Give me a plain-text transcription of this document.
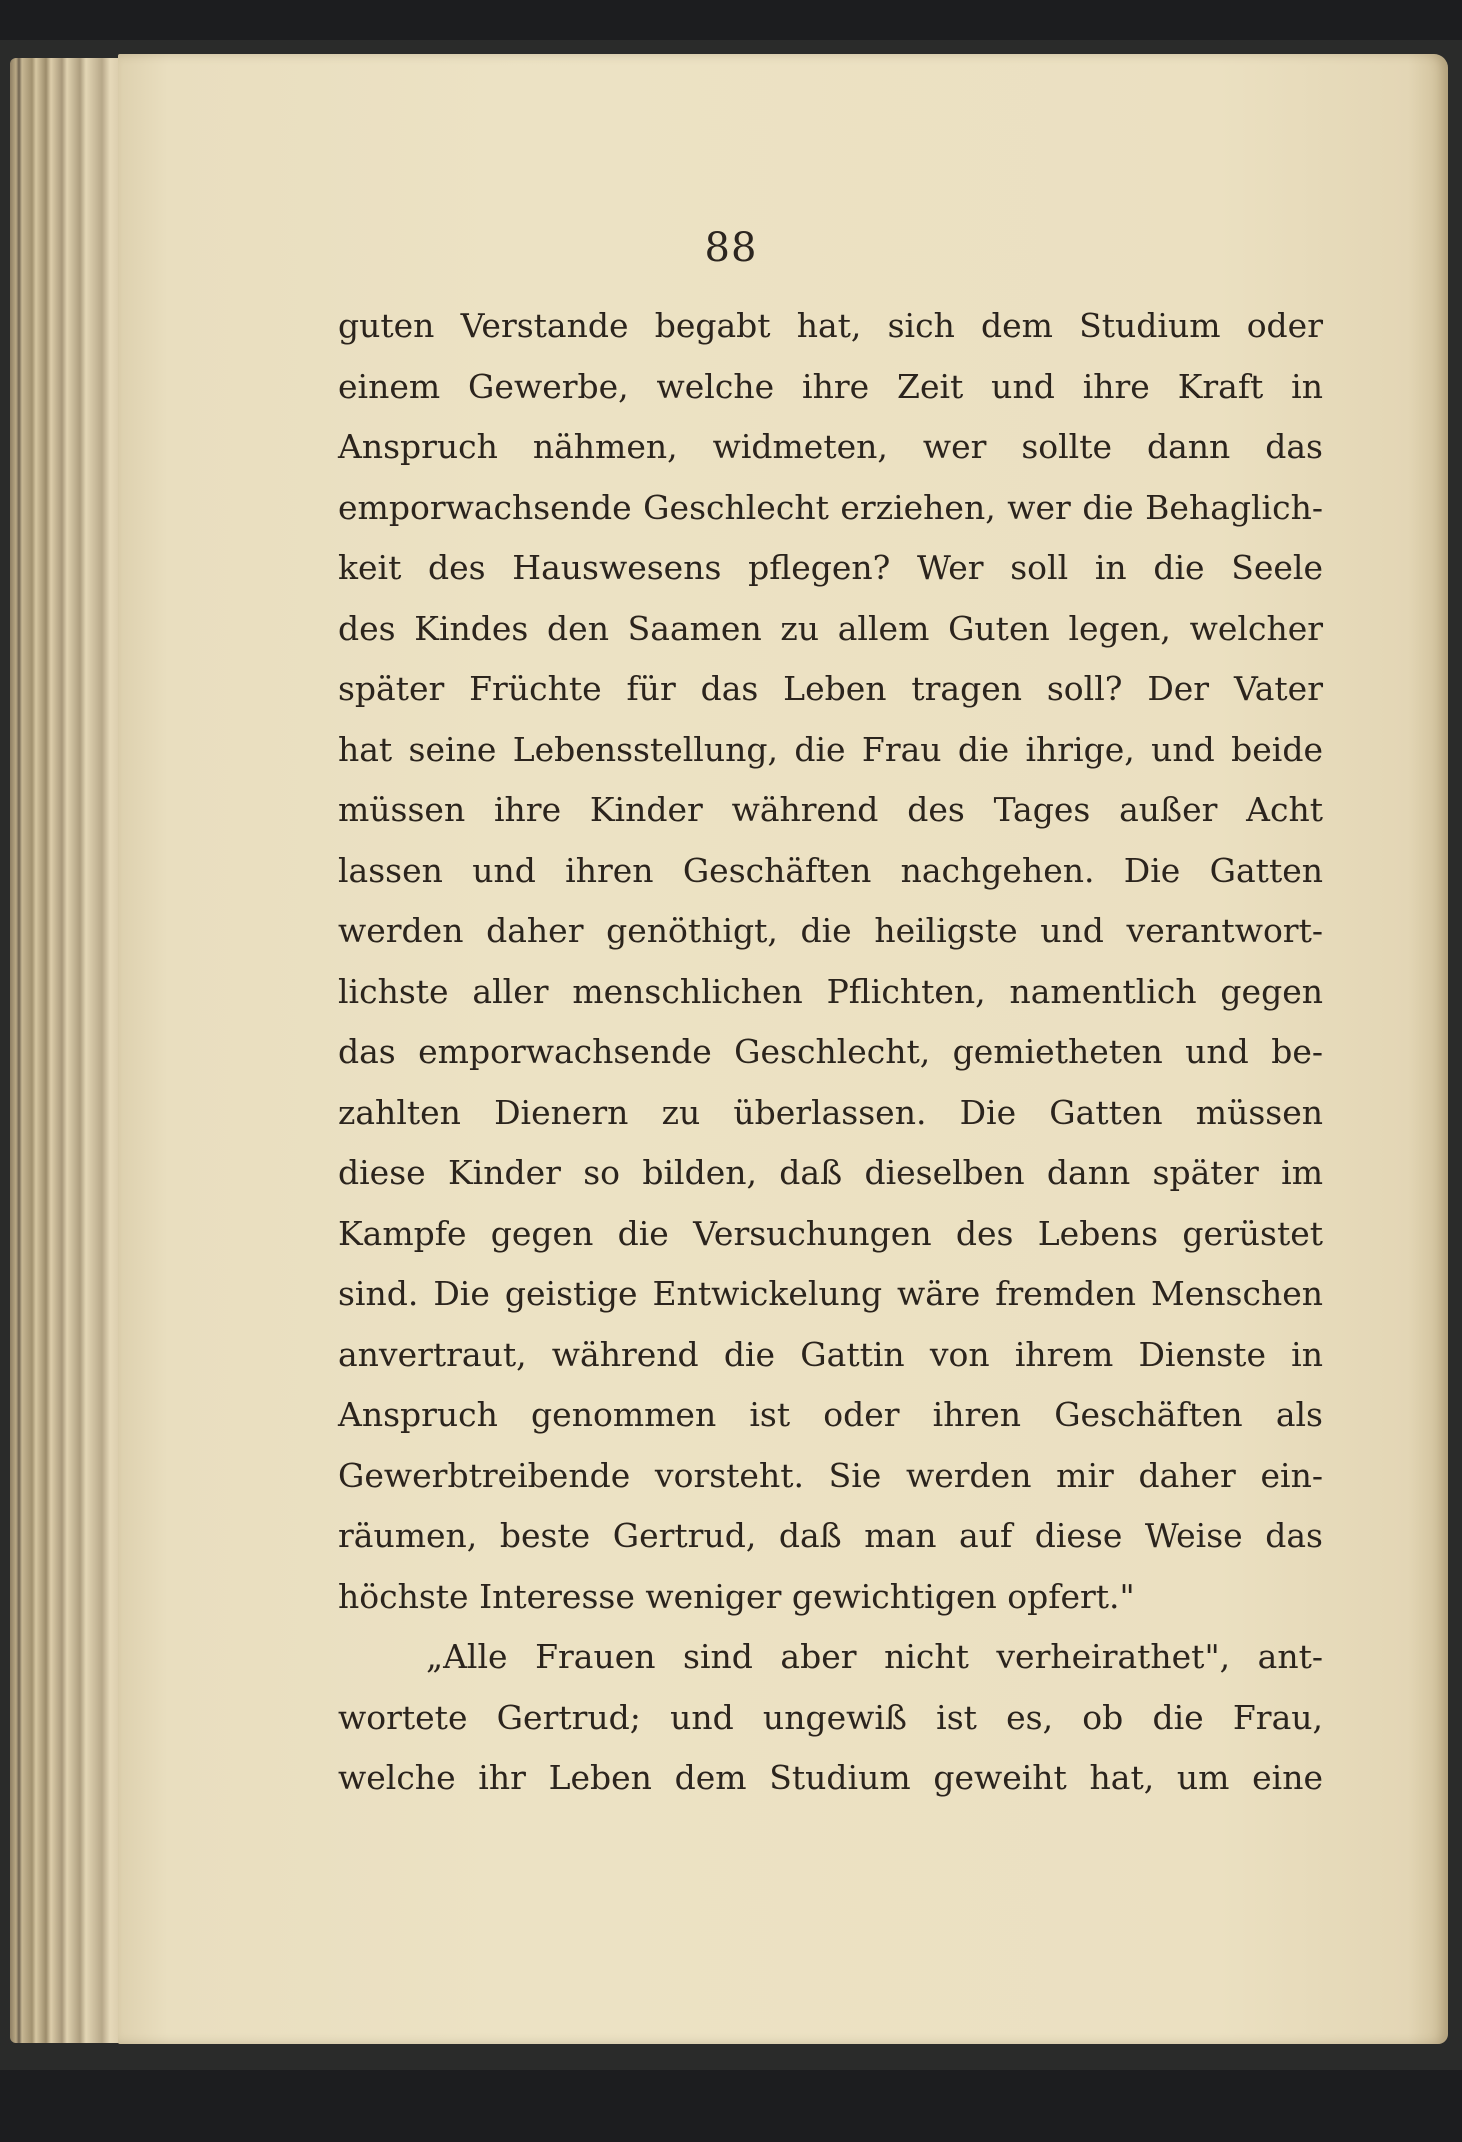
88
guten Verstande begabt hat, sich dem Studium oder
einem Gewerbe, welche ihre Zeit und ihre Kraft in
Anspruch nähmen, widmeten, wer sollte dann das
emporwachsende Geschlecht erziehen, wer die Behaglich-
keit des Hauswesens pflegen? Wer soll in die Seele
des Kindes den Saamen zu allem Guten legen, welcher
später Früchte für das Leben tragen soll? Der Vater
hat seine Lebensstellung, die Frau die ihrige, und beide
müssen ihre Kinder während des Tages außer Acht
lassen und ihren Geschäften nachgehen. Die Gatten
werden daher genöthigt, die heiligste und verantwort-
lichste aller menschlichen Pflichten, namentlich gegen
das emporwachsende Geschlecht, gemietheten und be-
zahlten Dienern zu überlassen. Die Gatten müssen
diese Kinder so bilden, daß dieselben dann später im
Kampfe gegen die Versuchungen des Lebens gerüstet
sind. Die geistige Entwickelung wäre fremden Menschen
anvertraut, während die Gattin von ihrem Dienste in
Anspruch genommen ist oder ihren Geschäften als
Gewerbtreibende vorsteht. Sie werden mir daher ein-
räumen, beste Gertrud, daß man auf diese Weise das
höchste Interesse weniger gewichtigen opfert."
„Alle Frauen sind aber nicht verheirathet", ant-
wortete Gertrud; und ungewiß ist es, ob die Frau,
welche ihr Leben dem Studium geweiht hat, um eine
